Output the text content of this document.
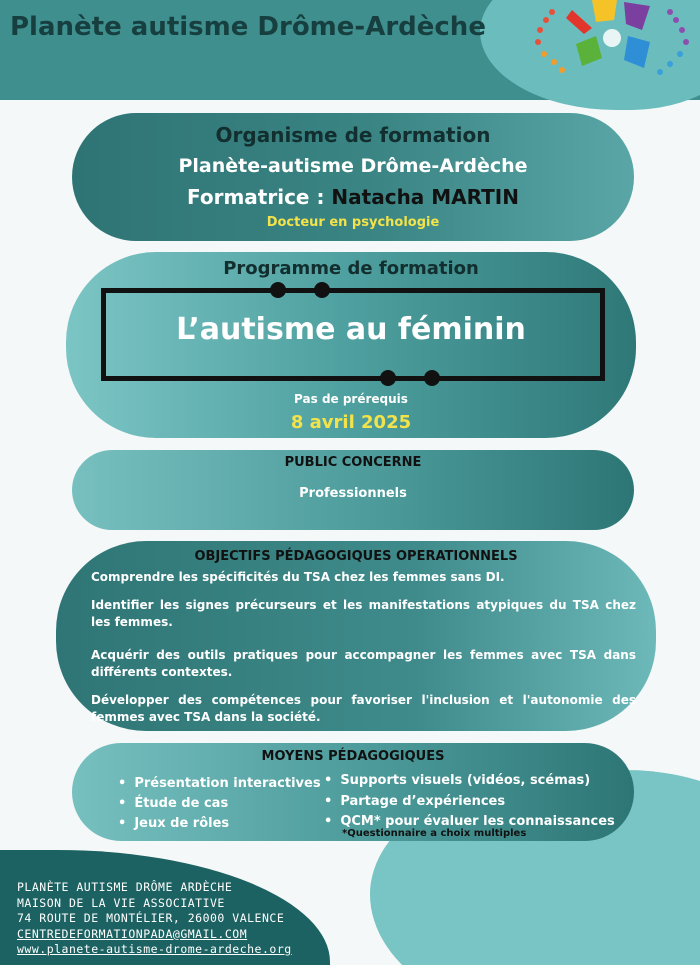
Planète autisme Drôme-Ardèche
Organisme de formation
Planète-autisme Drôme-Ardèche
Formatrice : Natacha MARTIN
Docteur en psychologie
Programme de formation
L’autisme au féminin
Pas de prérequis
8 avril 2025
PUBLIC CONCERNE
Professionnels
OBJECTIFS PÉDAGOGIQUES OPERATIONNELS
Comprendre les spécificités du TSA chez les femmes sans DI.
Identifier les signes précurseurs et les manifestations atypiques du TSA chez les femmes.
Acquérir des outils pratiques pour accompagner les femmes avec TSA dans différents contextes.
Développer des compétences pour favoriser l'inclusion et l'autonomie des femmes avec TSA dans la société.
MOYENS PÉDAGOGIQUES
• Présentation interactives
• Étude de cas
• Jeux de rôles
• Supports visuels (vidéos, scémas)
• Partage d’expériences
• QCM* pour évaluer les connaissances
*Questionnaire a choix multiples
PLANÈTE AUTISME DRÔME ARDÈCHE
MAISON DE LA VIE ASSOCIATIVE
74 ROUTE DE MONTÉLIER, 26000 VALENCE
CENTREDEFORMATIONPADA@GMAIL.COM
www.planete-autisme-drome-ardeche.org
